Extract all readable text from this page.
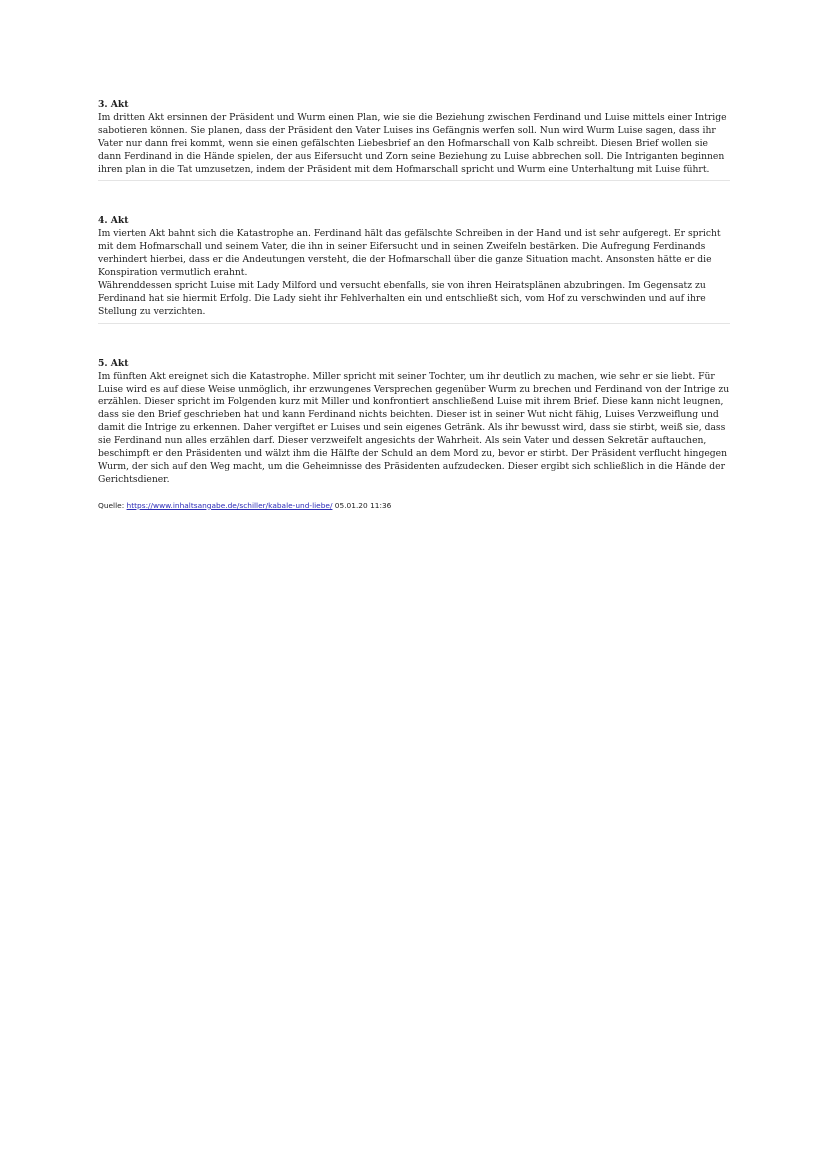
3. Akt

Im dritten Akt ersinnen der Präsident und Wurm einen Plan, wie sie die Beziehung zwischen Ferdinand und Luise mittels einer Intrige sabotieren können. Sie planen, dass der Präsident den Vater Luises ins Gefängnis werfen soll. Nun wird Wurm Luise sagen, dass ihr Vater nur dann frei kommt, wenn sie einen gefälschten Liebesbrief an den Hofmarschall von Kalb schreibt. Diesen Brief wollen sie dann Ferdinand in die Hände spielen, der aus Eifersucht und Zorn seine Beziehung zu Luise abbrechen soll. Die Intriganten beginnen ihren plan in die Tat umzusetzen, indem der Präsident mit dem Hofmarschall spricht und Wurm eine Unterhaltung mit Luise führt.

4. Akt

Im vierten Akt bahnt sich die Katastrophe an. Ferdinand hält das gefälschte Schreiben in der Hand und ist sehr aufgeregt. Er spricht mit dem Hofmarschall und seinem Vater, die ihn in seiner Eifersucht und in seinen Zweifeln bestärken. Die Aufregung Ferdinands verhindert hierbei, dass er die Andeutungen versteht, die der Hofmarschall über die ganze Situation macht. Ansonsten hätte er die Konspiration vermutlich erahnt.

Währenddessen spricht Luise mit Lady Milford und versucht ebenfalls, sie von ihren Heiratsplänen abzubringen. Im Gegensatz zu Ferdinand hat sie hiermit Erfolg. Die Lady sieht ihr Fehlverhalten ein und entschließt sich, vom Hof zu verschwinden und auf ihre Stellung zu verzichten.

5. Akt

Im fünften Akt ereignet sich die Katastrophe. Miller spricht mit seiner Tochter, um ihr deutlich zu machen, wie sehr er sie liebt. Für Luise wird es auf diese Weise unmöglich, ihr erzwungenes Versprechen gegenüber Wurm zu brechen und Ferdinand von der Intrige zu erzählen. Dieser spricht im Folgenden kurz mit Miller und konfrontiert anschließend Luise mit ihrem Brief. Diese kann nicht leugnen, dass sie den Brief geschrieben hat und kann Ferdinand nichts beichten. Dieser ist in seiner Wut nicht fähig, Luises Verzweiflung und damit die Intrige zu erkennen. Daher vergiftet er Luises und sein eigenes Getränk. Als ihr bewusst wird, dass sie stirbt, weiß sie, dass sie Ferdinand nun alles erzählen darf. Dieser verzweifelt angesichts der Wahrheit. Als sein Vater und dessen Sekretär auftauchen, beschimpft er den Präsidenten und wälzt ihm die Hälfte der Schuld an dem Mord zu, bevor er stirbt. Der Präsident verflucht hingegen Wurm, der sich auf den Weg macht, um die Geheimnisse des Präsidenten aufzudecken. Dieser ergibt sich schließlich in die Hände der Gerichtsdiener.

Quelle: https://www.inhaltsangabe.de/schiller/kabale-und-liebe/ 05.01.20 11:36
